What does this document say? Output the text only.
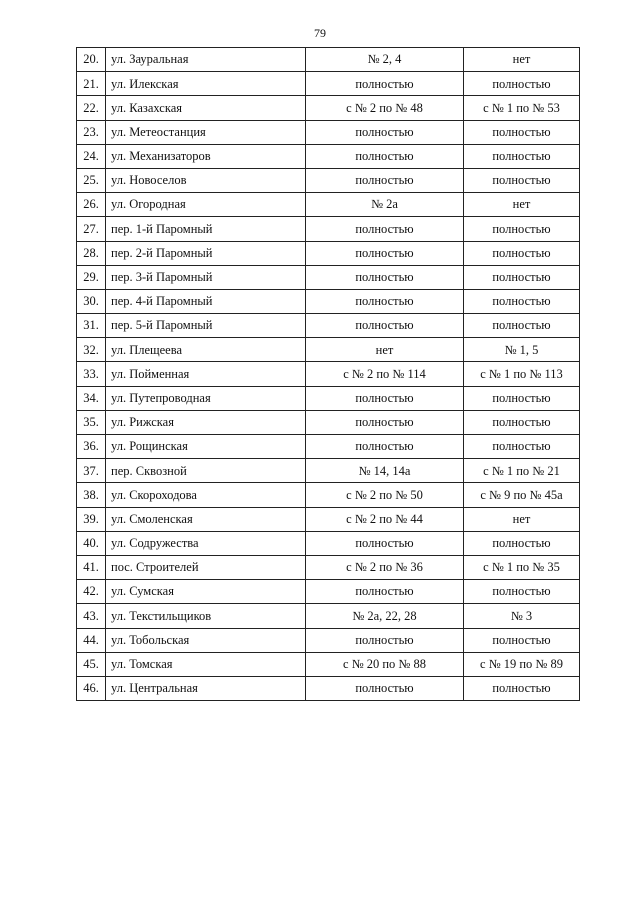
79
20.	ул. Зауральная	№ 2, 4	нет
21.	ул. Илекская	полностью	полностью
22.	ул. Казахская	с № 2 по № 48	с № 1 по № 53
23.	ул. Метеостанция	полностью	полностью
24.	ул. Механизаторов	полностью	полностью
25.	ул. Новоселов	полностью	полностью
26.	ул. Огородная	№ 2а	нет
27.	пер. 1-й Паромный	полностью	полностью
28.	пер. 2-й Паромный	полностью	полностью
29.	пер. 3-й Паромный	полностью	полностью
30.	пер. 4-й Паромный	полностью	полностью
31.	пер. 5-й Паромный	полностью	полностью
32.	ул. Плещеева	нет	№ 1, 5
33.	ул. Пойменная	с № 2 по № 114	с № 1 по № 113
34.	ул. Путепроводная	полностью	полностью
35.	ул. Рижская	полностью	полностью
36.	ул. Рощинская	полностью	полностью
37.	пер. Сквозной	№ 14, 14а	с № 1 по № 21
38.	ул. Скороходова	с № 2 по № 50	с № 9 по № 45а
39.	ул. Смоленская	с № 2 по № 44	нет
40.	ул. Содружества	полностью	полностью
41.	пос. Строителей	с № 2 по № 36	с № 1 по № 35
42.	ул. Сумская	полностью	полностью
43.	ул. Текстильщиков	№ 2а, 22, 28	№ 3
44.	ул. Тобольская	полностью	полностью
45.	ул. Томская	с № 20 по № 88	с № 19 по № 89
46.	ул. Центральная	полностью	полностью
